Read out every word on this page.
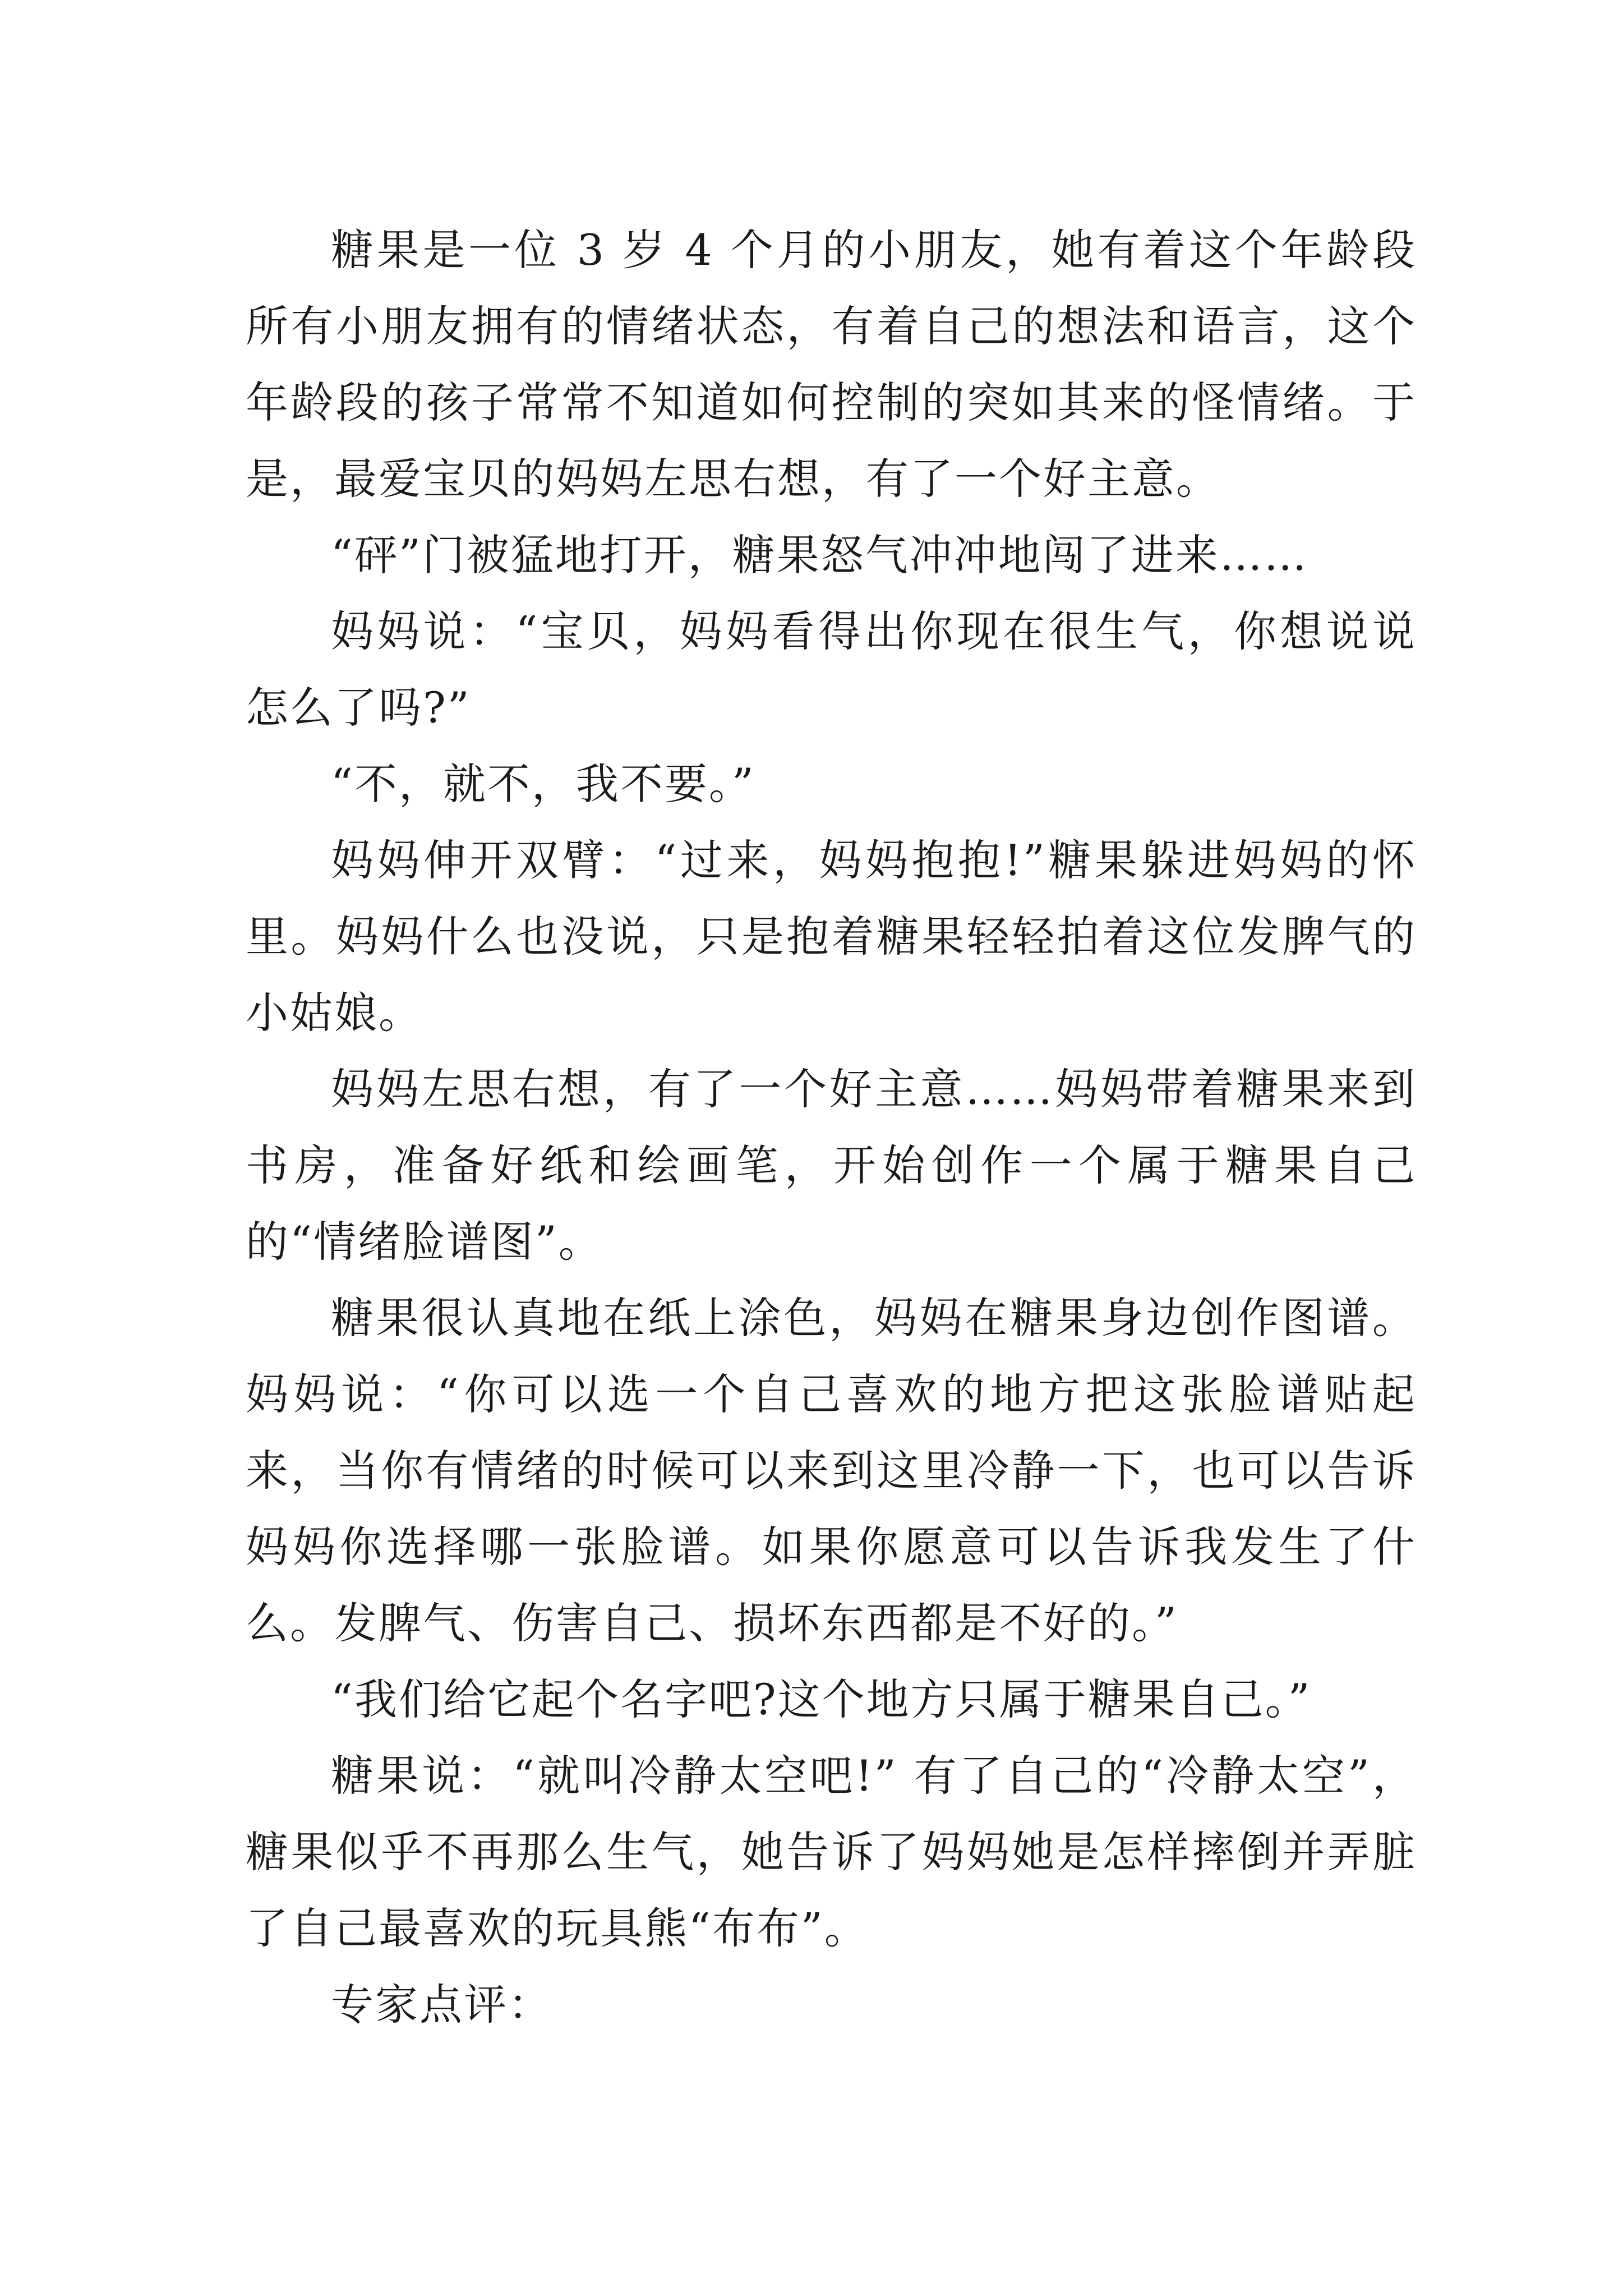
糖果是一位 3 岁 4 个月的小朋友，她有着这个年龄段所有小朋友拥有的情绪状态，有着自己的想法和语言，这个年龄段的孩子常常不知道如何控制的突如其来的怪情绪。于是，最爱宝贝的妈妈左思右想，有了一个好主意。

“砰”门被猛地打开，糖果怒气冲冲地闯了进来……

妈妈说：“宝贝，妈妈看得出你现在很生气，你想说说怎么了吗?”

“不，就不，我不要。”

妈妈伸开双臂：“过来，妈妈抱抱!”糖果躲进妈妈的怀里。妈妈什么也没说，只是抱着糖果轻轻拍着这位发脾气的小姑娘。

妈妈左思右想，有了一个好主意……妈妈带着糖果来到书房，准备好纸和绘画笔，开始创作一个属于糖果自己的“情绪脸谱图”。

糖果很认真地在纸上涂色，妈妈在糖果身边创作图谱。妈妈说：“你可以选一个自己喜欢的地方把这张脸谱贴起来，当你有情绪的时候可以来到这里冷静一下，也可以告诉妈妈你选择哪一张脸谱。如果你愿意可以告诉我发生了什么。发脾气、伤害自己、损坏东西都是不好的。”

“我们给它起个名字吧?这个地方只属于糖果自己。”

糖果说：“就叫冷静太空吧!” 有了自己的“冷静太空”，糖果似乎不再那么生气，她告诉了妈妈她是怎样摔倒并弄脏了自己最喜欢的玩具熊“布布”。

专家点评：
